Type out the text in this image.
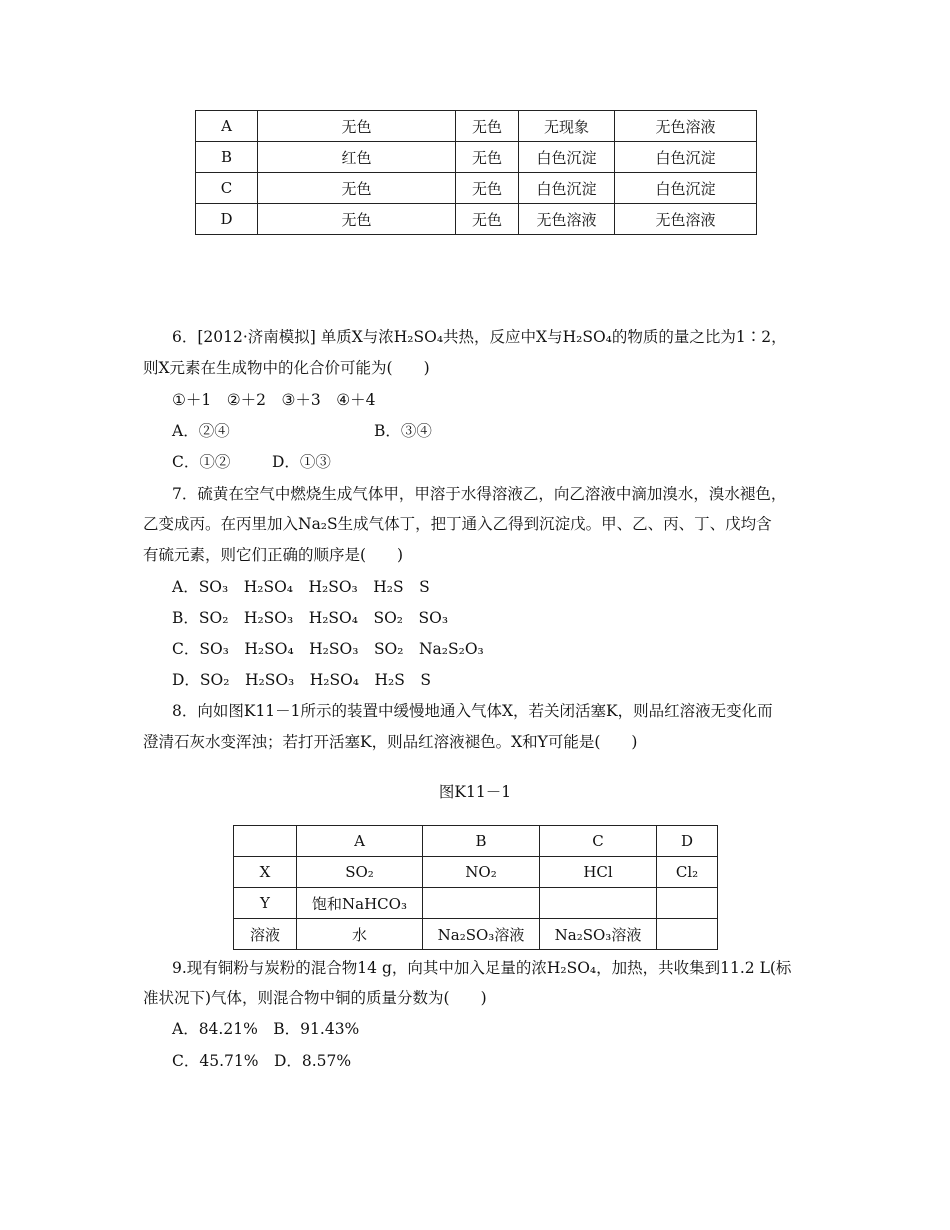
A	无色	无色	无现象	无色溶液
B	红色	无色	白色沉淀	白色沉淀
C	无色	无色	白色沉淀	白色沉淀
D	无色	无色	无色溶液	无色溶液
6．[2012·济南模拟] 单质X与浓H₂SO₄共热，反应中X与H₂SO₄的物质的量之比为1∶2，
则X元素在生成物中的化合价可能为(　　)
①＋1　②＋2　③＋3　④＋4
A．②④	B．③④
C．①②	D．①③
7．硫黄在空气中燃烧生成气体甲，甲溶于水得溶液乙，向乙溶液中滴加溴水，溴水褪色，
乙变成丙。在丙里加入Na₂S生成气体丁，把丁通入乙得到沉淀戊。甲、乙、丙、丁、戊均含
有硫元素，则它们正确的顺序是(　　)
A．SO₃　H₂SO₄　H₂SO₃　H₂S　S
B．SO₂　H₂SO₃　H₂SO₄　SO₂　SO₃
C．SO₃　H₂SO₄　H₂SO₃　SO₂　Na₂S₂O₃
D．SO₂　H₂SO₃　H₂SO₄　H₂S　S
8．向如图K11－1所示的装置中缓慢地通入气体X，若关闭活塞K，则品红溶液无变化而
澄清石灰水变浑浊；若打开活塞K，则品红溶液褪色。X和Y可能是(　　)
图K11－1
	A	B	C	D
X	SO₂	NO₂	HCl	Cl₂
Y	饱和NaHCO₃			
溶液	水	Na₂SO₃溶液	Na₂SO₃溶液	
9.现有铜粉与炭粉的混合物14 g，向其中加入足量的浓H₂SO₄，加热，共收集到11.2 L(标
准状况下)气体，则混合物中铜的质量分数为(　　)
A．84.21%　B．91.43%
C．45.71%　D．8.57%
